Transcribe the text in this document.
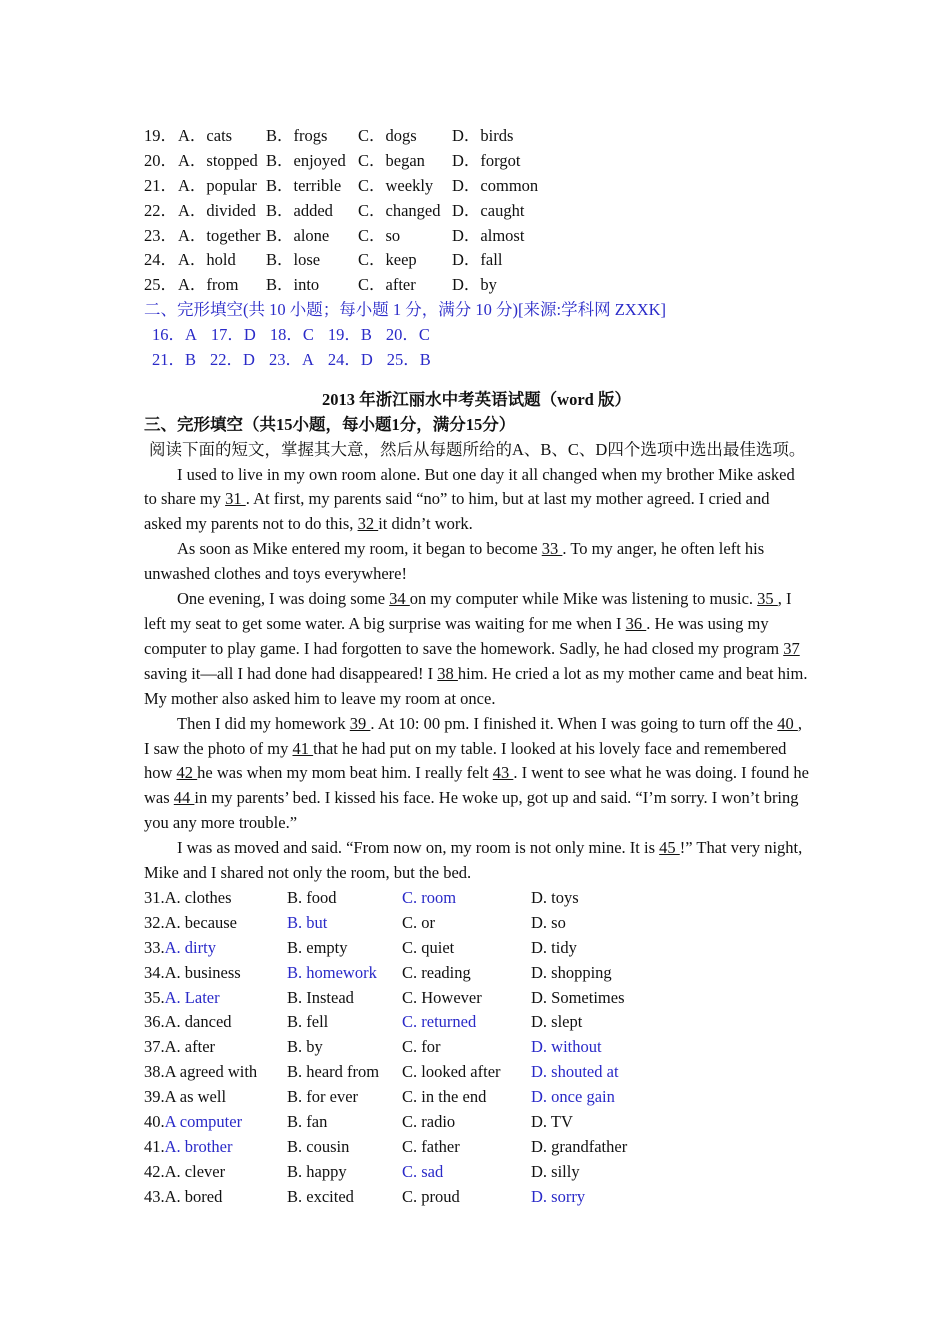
19． A．cats	B．frogs	C．dogs	D．birds
20． A．stopped B．enjoyed C．began	D．forgot
21． A．popular B．terrible	C．weekly	D．common
22． A．divided B．added	C．changed D．caught
23． A．together B．alone	C．so	D．almost
24． A．hold	B．lose	C．keep	D．fall
25． A．from	B．into	C．after	D．by
二、完形填空(共 10 小题；每小题 1 分，满分 10 分)[来源:学科网 ZXXK]
16．A 17．D 18．C 19．B 20．C
21．B 22．D 23．A 24．D 25．B
2013 年浙江丽水中考英语试题（word 版）
三、完形填空（共15小题，每小题1分，满分15分）
阅读下面的短文，掌握其大意，然后从每题所给的A、B、C、D四个选项中选出最佳选项。
I used to live in my own room alone. But one day it all changed when my brother Mike asked to share my 31 . At first, my parents said “no” to him, but at last my mother agreed. I cried and asked my parents not to do this, 32 it didn’t work.
As soon as Mike entered my room, it began to become 33 . To my anger, he often left his unwashed clothes and toys everywhere!
One evening, I was doing some 34 on my computer while Mike was listening to music. 35 , I left my seat to get some water. A big surprise was waiting for me when I 36 . He was using my computer to play game. I had forgotten to save the homework. Sadly, he had closed my program 37 saving it—all I had done had disappeared! I 38 him. He cried a lot as my mother came and beat him. My mother also asked him to leave my room at once.
Then I did my homework 39 . At 10: 00 pm. I finished it. When I was going to turn off the 40 , I saw the photo of my 41 that he had put on my table. I looked at his lovely face and remembered how 42 he was when my mom beat him. I really felt 43 . I went to see what he was doing. I found he was 44 in my parents’ bed. I kissed his face. He woke up, got up and said. “I’m sorry. I won’t bring you any more trouble.”
I was as moved and said. “From now on, my room is not only mine. It is 45 !” That very night, Mike and I shared not only the room, but the bed.
31.A. clothes	B. food	C. room	D. toys
32.A. because	B. but	C. or	D. so
33.A. dirty	B. empty	C. quiet	D. tidy
34.A. business	B. homework	C. reading	D. shopping
35.A. Later	B. Instead	C. However	D. Sometimes
36.A. danced	B. fell	C. returned	D. slept
37.A. after	B. by	C. for	D. without
38.A agreed with	B. heard from	C. looked after	D. shouted at
39.A as well	B. for ever	C. in the end	D. once gain
40.A computer	B. fan	C. radio	D. TV
41.A. brother	B. cousin	C. father	D. grandfather
42.A. clever	B. happy	C. sad	D. silly
43.A. bored	B. excited	C. proud	D. sorry
